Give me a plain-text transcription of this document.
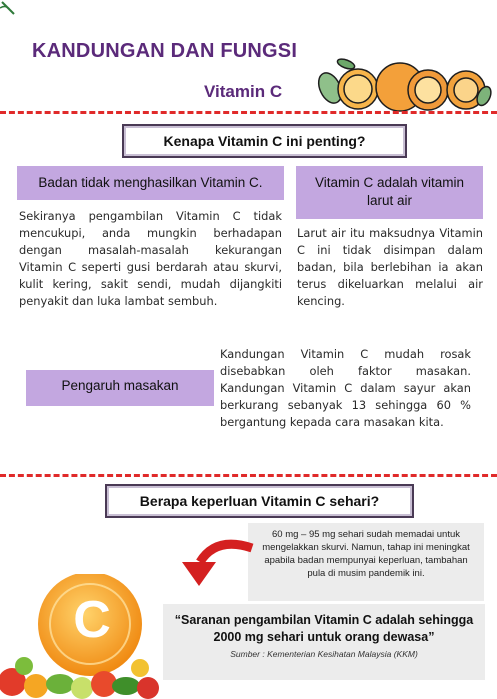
KANDUNGAN DAN FUNGSI
Vitamin C
Kenapa Vitamin C ini penting?
Badan tidak menghasilkan Vitamin C.
Sekiranya pengambilan Vitamin C tidak mencukupi, anda mungkin berhadapan dengan masalah-masalah kekurangan Vitamin C seperti gusi berdarah atau skurvi, kulit kering, sakit sendi, mudah dijangkiti penyakit dan luka lambat sembuh.
Vitamin C adalah vitamin larut air
Larut air itu maksudnya Vitamin C ini tidak disimpan dalam badan, bila berlebihan ia akan terus dikeluarkan melalui air kencing.
Pengaruh masakan
Kandungan Vitamin C mudah rosak disebabkan oleh faktor masakan. Kandungan Vitamin C dalam sayur akan berkurang sebanyak 13 sehingga 60 % bergantung kepada cara masakan kita.
Berapa keperluan Vitamin C sehari?
60 mg – 95 mg sehari sudah memadai untuk mengelakkan skurvi. Namun, tahap ini meningkat apabila badan mempunyai keperluan, tambahan pula di musim pandemik ini.
“Saranan pengambilan Vitamin C adalah sehingga 2000 mg sehari untuk orang dewasa”
Sumber : Kementerian Kesihatan Malaysia (KKM)
C
